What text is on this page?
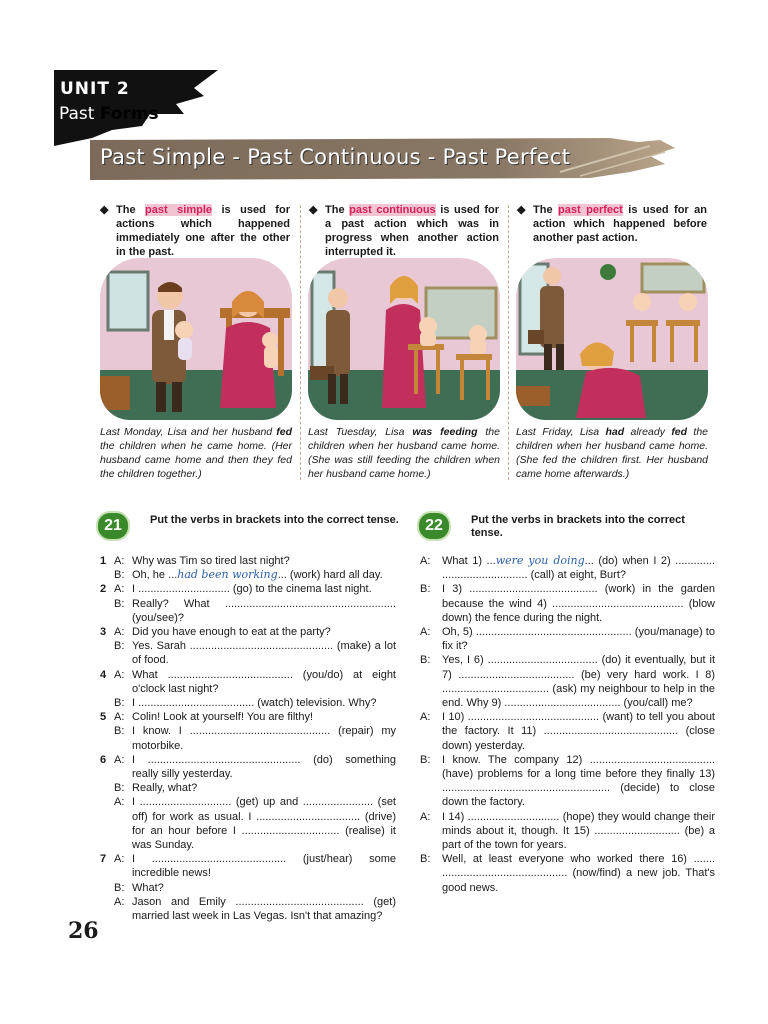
UNIT 2
Past Forms
Past Simple - Past Continuous - Past Perfect
◆ The past simple is used for actions which happened immediately one after the other in the past.
◆ The past continuous is used for a past action which was in progress when another action interrupted it.
◆ The past perfect is used for an action which happened before another past action.
Last Monday, Lisa and her husband fed the children when he came home. (Her husband came home and then they fed the children together.)
Last Tuesday, Lisa was feeding the children when her husband came home. (She was still feeding the children when her husband came home.)
Last Friday, Lisa had already fed the children when her husband came home. (She fed the children first. Her husband came home afterwards.)
21	Put the verbs in brackets into the correct tense.
1 A: Why was Tim so tired last night?
B: Oh, he ...had been working... (work) hard all day.
2 A: I .............................. (go) to the cinema last night.
B: Really? What ........................................................ (you/see)?
3 A: Did you have enough to eat at the party?
B: Yes. Sarah ............................................... (make) a lot of food.
4 A: What ......................................... (you/do) at eight o'clock last night?
B: I ...................................... (watch) television. Why?
5 A: Colin! Look at yourself! You are filthy!
B: I know. I .............................................. (repair) my motorbike.
6 A: I .................................................. (do) something really silly yesterday.
B: Really, what?
A: I .............................. (get) up and ....................... (set off) for work as usual. I .................................. (drive) for an hour before I ................................ (realise) it was Sunday.
7 A: I ............................................ (just/hear) some incredible news!
B: What?
A: Jason and Emily .......................................... (get) married last week in Las Vegas. Isn't that amazing?
22	Put the verbs in brackets into the correct tense.
A:	What 1) ...were you doing... (do) when I 2) ............. ............................ (call) at eight, Burt?
B:	I 3) .......................................... (work) in the garden because the wind 4) ........................................... (blow down) the fence during the night.
A:	Oh, 5) ................................................... (you/manage) to fix it?
B:	Yes, I 6) .................................... (do) it eventually, but it 7) ...................................... (be) very hard work. I 8) ................................... (ask) my neighbour to help in the end. Why 9) ...................................... (you/call) me?
A:	I 10) ........................................... (want) to tell you about the factory. It 11) ............................................ (close down) yesterday.
B:	I know. The company 12) ......................................... (have) problems for a long time before they finally 13) ....................................................... (decide) to close down the factory.
A:	I 14) .............................. (hope) they would change their minds about it, though. It 15) ............................ (be) a part of the town for years.
B:	Well, at least everyone who worked there 16) ....... ......................................... (now/find) a new job. That's good news.
26
